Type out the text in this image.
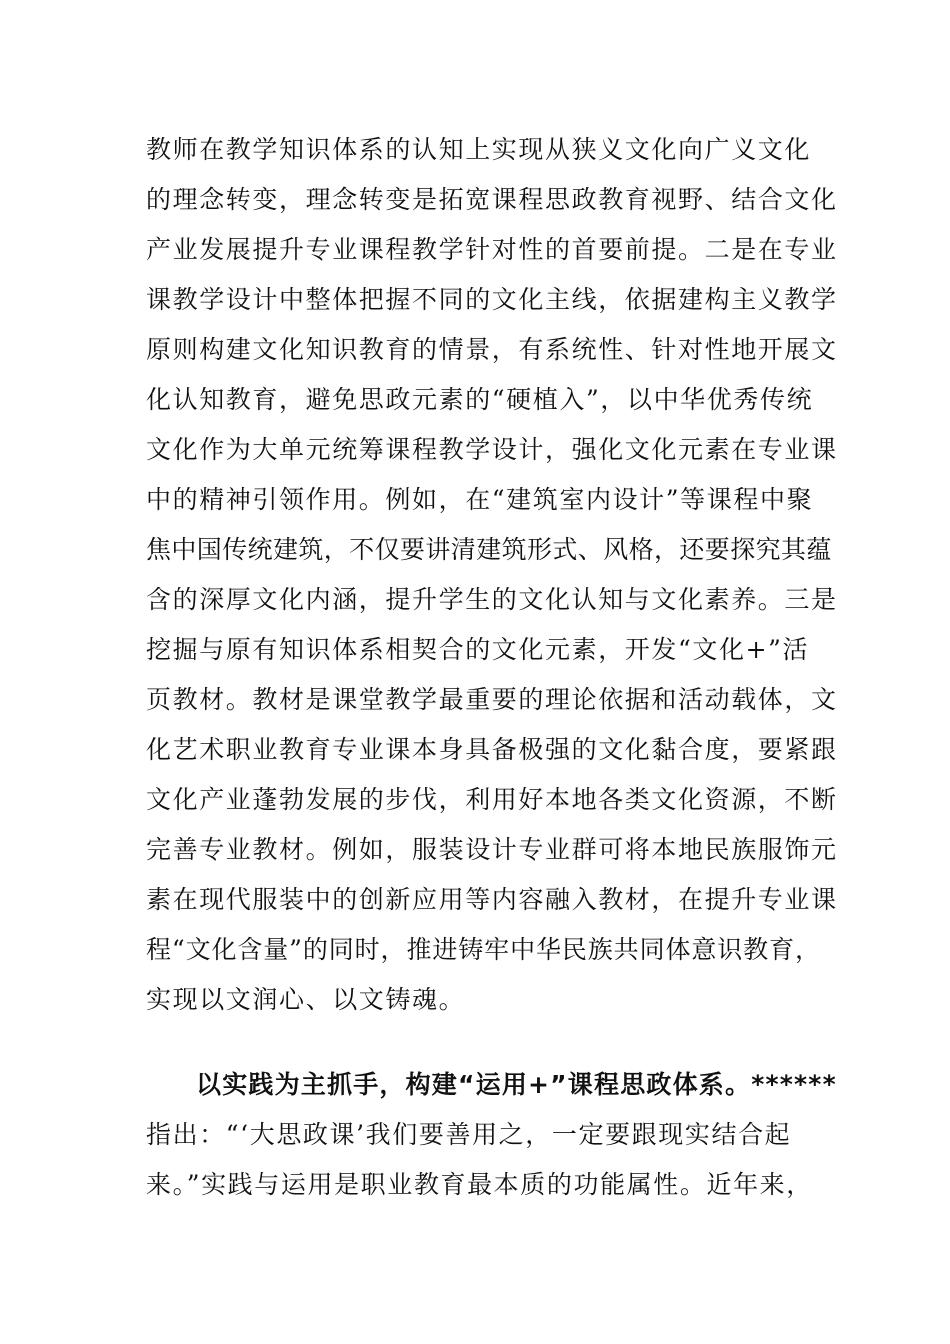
教师在教学知识体系的认知上实现从狭义文化向广义文化
的理念转变，理念转变是拓宽课程思政教育视野、结合文化
产业发展提升专业课程教学针对性的首要前提。二是在专业
课教学设计中整体把握不同的文化主线，依据建构主义教学
原则构建文化知识教育的情景，有系统性、针对性地开展文
化认知教育，避免思政元素的“硬植入”，以中华优秀传统
文化作为大单元统筹课程教学设计，强化文化元素在专业课
中的精神引领作用。例如，在“建筑室内设计”等课程中聚
焦中国传统建筑，不仅要讲清建筑形式、风格，还要探究其蕴
含的深厚文化内涵，提升学生的文化认知与文化素养。三是
挖掘与原有知识体系相契合的文化元素，开发“文化+”活
页教材。教材是课堂教学最重要的理论依据和活动载体，文
化艺术职业教育专业课本身具备极强的文化黏合度，要紧跟
文化产业蓬勃发展的步伐，利用好本地各类文化资源，不断
完善专业教材。例如，服装设计专业群可将本地民族服饰元
素在现代服装中的创新应用等内容融入教材，在提升专业课
程“文化含量”的同时，推进铸牢中华民族共同体意识教育，
实现以文润心、以文铸魂。
以实践为主抓手，构建“运用+”课程思政体系。******
指出：“‘大思政课’我们要善用之，一定要跟现实结合起
来。”实践与运用是职业教育最本质的功能属性。近年来，
